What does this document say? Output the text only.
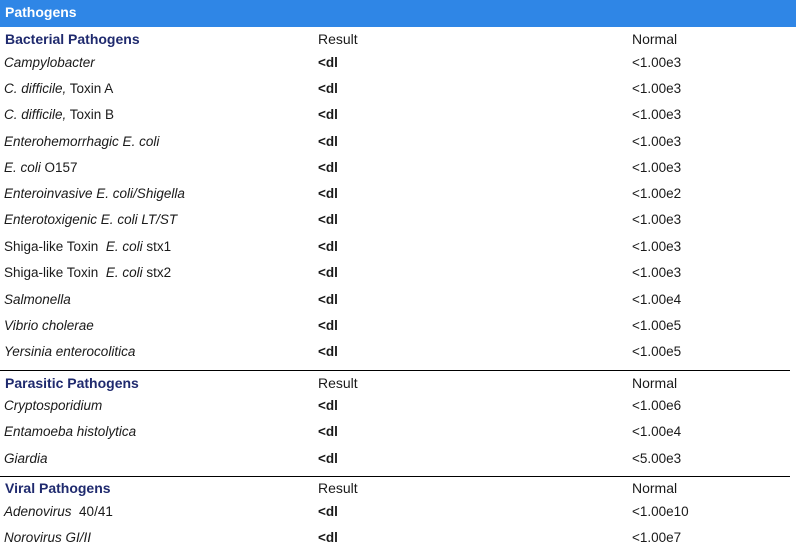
Pathogens
Bacterial Pathogens	Result	Normal
Campylobacter	<dl	<1.00e3
C. difficile, Toxin A	<dl	<1.00e3
C. difficile, Toxin B	<dl	<1.00e3
Enterohemorrhagic E. coli	<dl	<1.00e3
E. coli O157	<dl	<1.00e3
Enteroinvasive E. coli/Shigella	<dl	<1.00e2
Enterotoxigenic E. coli LT/ST	<dl	<1.00e3
Shiga-like Toxin  E. coli stx1	<dl	<1.00e3
Shiga-like Toxin  E. coli stx2	<dl	<1.00e3
Salmonella	<dl	<1.00e4
Vibrio cholerae	<dl	<1.00e5
Yersinia enterocolitica	<dl	<1.00e5
Parasitic Pathogens	Result	Normal
Cryptosporidium	<dl	<1.00e6
Entamoeba histolytica	<dl	<1.00e4
Giardia	<dl	<5.00e3
Viral Pathogens	Result	Normal
Adenovirus  40/41	<dl	<1.00e10
Norovirus GI/II	<dl	<1.00e7
